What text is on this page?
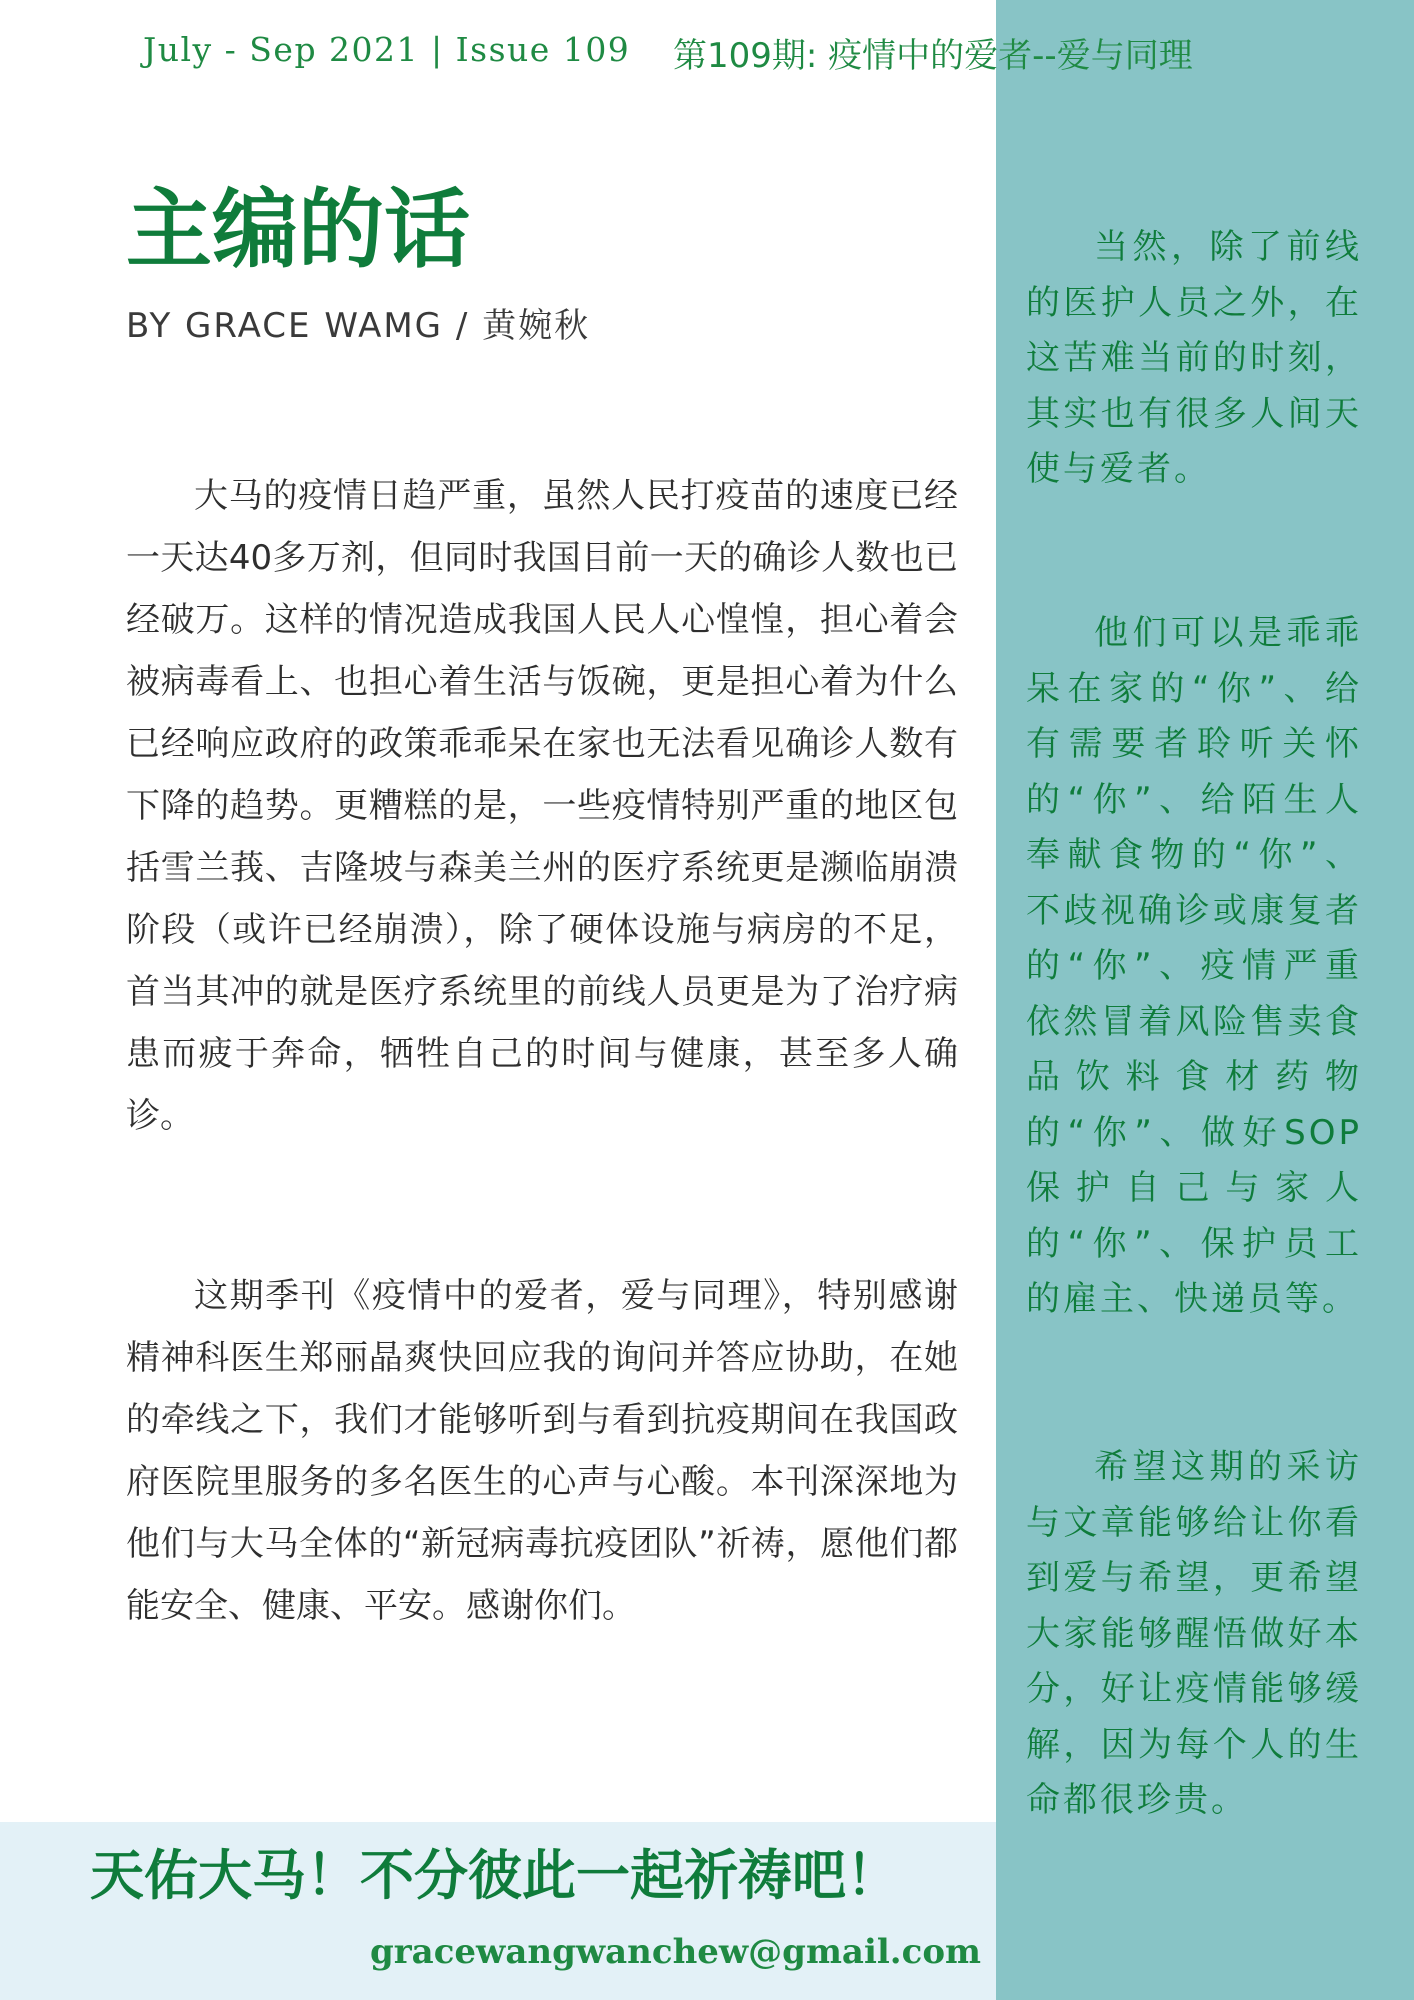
July - Sep 2021 | Issue 109 第109期: 疫情中的爱者--爱与同理
主编的话
BY GRACE WAMG / 黄婉秋

大马的疫情日趋严重，虽然人民打疫苗的速度已经一天达40多万剂，但同时我国目前一天的确诊人数也已经破万。这样的情况造成我国人民人心惶惶，担心着会被病毒看上、也担心着生活与饭碗，更是担心着为什么已经响应政府的政策乖乖呆在家也无法看见确诊人数有下降的趋势。更糟糕的是，一些疫情特别严重的地区包括雪兰莪、吉隆坡与森美兰州的医疗系统更是濒临崩溃阶段（或许已经崩溃），除了硬体设施与病房的不足，首当其冲的就是医疗系统里的前线人员更是为了治疗病患而疲于奔命，牺牲自己的时间与健康，甚至多人确诊。

这期季刊《疫情中的爱者，爱与同理》，特别感谢精神科医生郑丽晶爽快回应我的询问并答应协助，在她的牵线之下，我们才能够听到与看到抗疫期间在我国政府医院里服务的多名医生的心声与心酸。本刊深深地为他们与大马全体的“新冠病毒抗疫团队”祈祷，愿他们都能安全、健康、平安。感谢你们。

当然，除了前线的医护人员之外，在这苦难当前的时刻，其实也有很多人间天使与爱者。

他们可以是乖乖呆在家的“你”、给有需要者聆听关怀的“你”、给陌生人奉献食物的“你”、不歧视确诊或康复者的“你”、疫情严重依然冒着风险售卖食品饮料食材药物的“你”、做好SOP保护自己与家人的“你”、保护员工的雇主、快递员等。

希望这期的采访与文章能够给让你看到爱与希望，更希望大家能够醒悟做好本分，好让疫情能够缓解，因为每个人的生命都很珍贵。

天佑大马！不分彼此一起祈祷吧！
gracewangwanchew@gmail.com
